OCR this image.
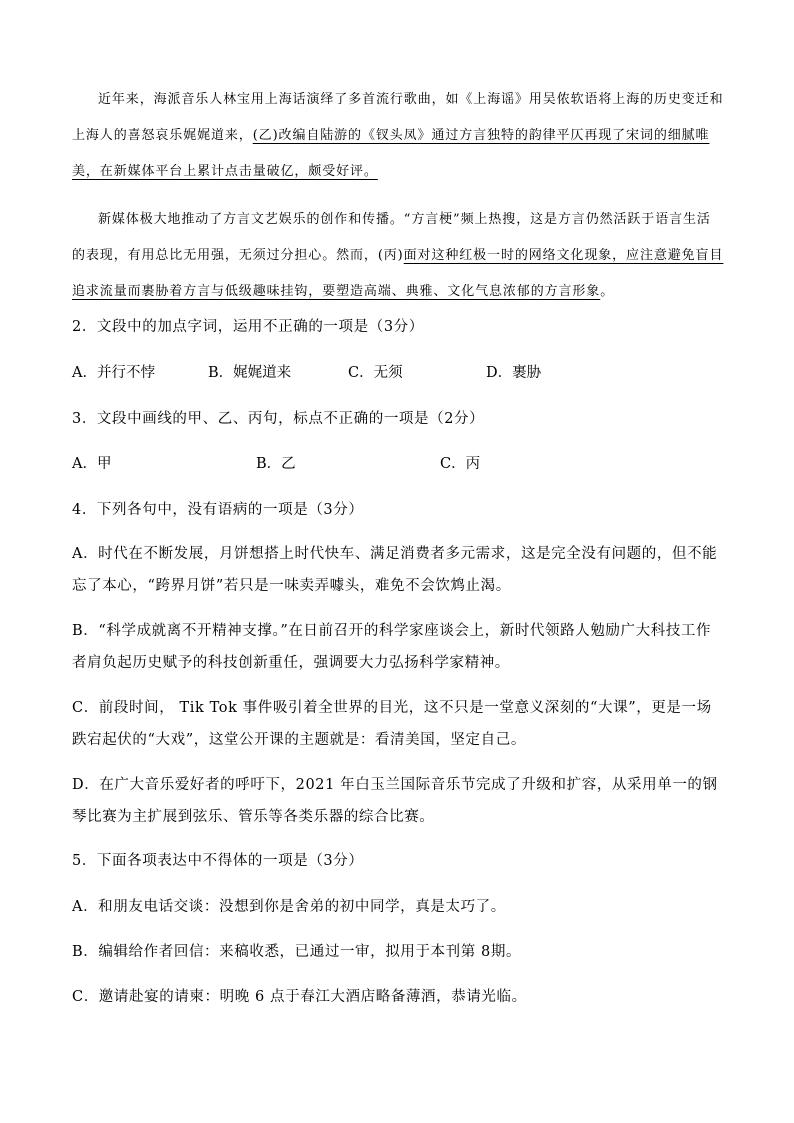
近年来，海派音乐人林宝用上海话演绎了多首流行歌曲，如《上海谣》用吴侬软语将上海的历史变迁和上海人的喜怒哀乐娓娓道来，(乙)改编自陆游的《钗头凤》通过方言独特的韵律平仄再现了宋词的细腻唯美，在新媒体平台上累计点击量破亿，颇受好评。

新媒体极大地推动了方言文艺娱乐的创作和传播。“方言梗”频上热搜，这是方言仍然活跃于语言生活的表现，有用总比无用强，无须过分担心。然而，(丙)面对这种红极一时的网络文化现象，应注意避免盲目追求流量而裹胁着方言与低级趣味挂钩，要塑造高端、典雅、文化气息浓郁的方言形象。

2．文段中的加点字词，运用不正确的一项是（3分）

A．并行不悖	B．娓娓道来	C．无须	D．裹胁

3．文段中画线的甲、乙、丙句，标点不正确的一项是（2分）

A．甲	B．乙	C．丙

4．下列各句中，没有语病的一项是（3分）

A．时代在不断发展，月饼想搭上时代快车、满足消费者多元需求，这是完全没有问题的，但不能忘了本心，“跨界月饼”若只是一味卖弄噱头，难免不会饮鸩止渴。

B．“科学成就离不开精神支撑。”在日前召开的科学家座谈会上，新时代领路人勉励广大科技工作者肩负起历史赋予的科技创新重任，强调要大力弘扬科学家精神。

C．前段时间， Tik Tok 事件吸引着全世界的目光，这不只是一堂意义深刻的“大课”，更是一场跌宕起伏的“大戏”，这堂公开课的主题就是：看清美国，坚定自己。

D．在广大音乐爱好者的呼吁下，2021 年白玉兰国际音乐节完成了升级和扩容，从采用单一的钢琴比赛为主扩展到弦乐、管乐等各类乐器的综合比赛。

5．下面各项表达中不得体的一项是（3分）

A．和朋友电话交谈：没想到你是舍弟的初中同学，真是太巧了。

B．编辑给作者回信：来稿收悉，已通过一审，拟用于本刊第 8期。

C．邀请赴宴的请柬：明晚 6 点于春江大酒店略备薄酒，恭请光临。
